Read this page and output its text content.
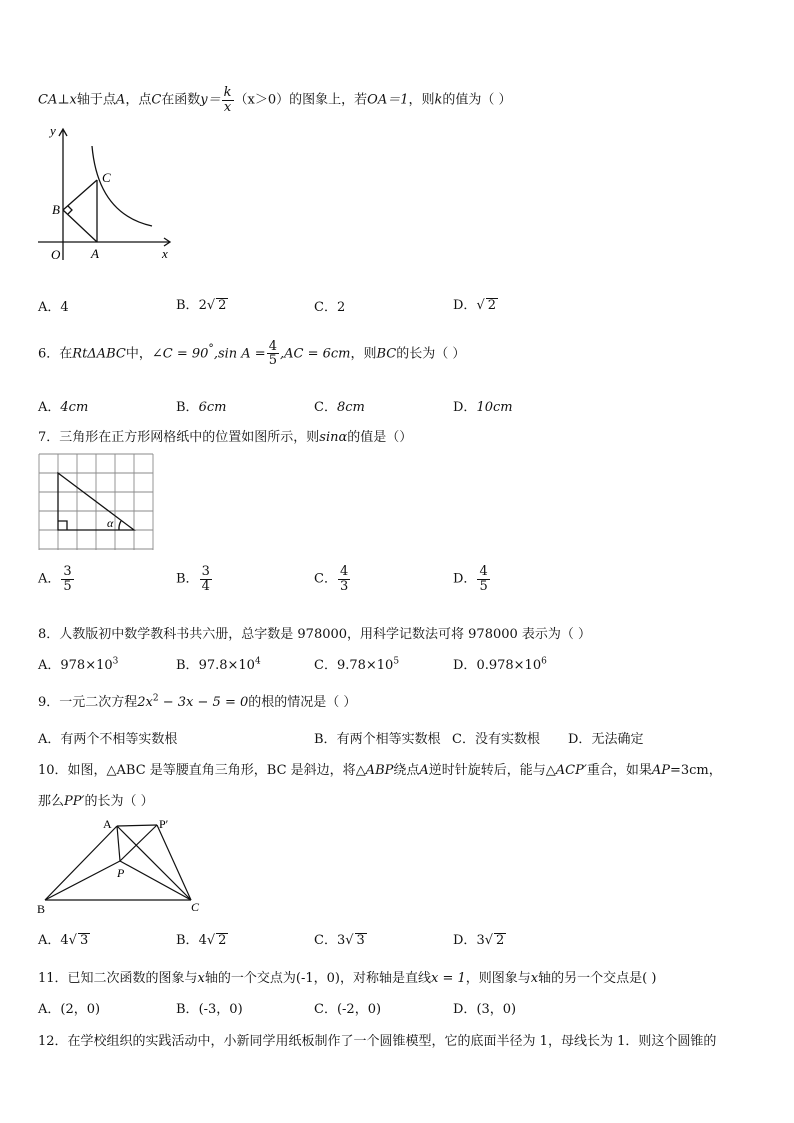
CA⊥x轴于点A，点C在函数$y= \frac{k}{x} (x>0)$的图象上，若OA＝1，则k的值为（ ）
y
x
O A
B
C
A．4	B．2√ 2	C．2	D．√ 2
6．在RtΔABC中，∠C = 90°,sin $A = \frac{4}{5} ,AC = 6cm$，则BC的长为（ ）
A．4cm	B．6cm	C．8cm	D．10cm
7．三角形在正方形网格纸中的位置如图所示，则sinα的值是（）
α
A． $\frac{3}{5}$	B． $\frac{3}{4}$	C． $\frac{4}{3}$	D． $\frac{4}{5}$
8．人教版初中数学教科书共六册，总字数是 978000，用科学记数法可将 978000 表示为（ ）
A．$978\times 10^3$	B．$97.8\times 10^4$	C．$9.78\times 10^5$	D．$0.978\times 10^6$
9．一元二次方程$2x^2 - 3x - 5 = 0$的根的情况是（ ）
A．有两个不相等实数根	B．有两个相等实数根 C．没有实数根 D．无法确定
10．如图，△ABC 是等腰直角三角形，BC 是斜边，将△ABP绕点A逆时针旋转后，能与△ACP′重合，如果AP=3cm，
那么PP′的长为（ ）
A	P′
P
B	C
A．4√ 3	B．4√ 2	C．3√ 3	D．3√ 2
11．已知二次函数的图象与x轴的一个交点为(-1，0)，对称轴是直线x = 1，则图象与x轴的另一个交点是( )
A．(2，0)	B．(-3，0)	C．(-2，0)	D．(3，0)
12．在学校组织的实践活动中，小新同学用纸板制作了一个圆锥模型，它的底面半径为 1，母线长为 1．则这个圆锥的
